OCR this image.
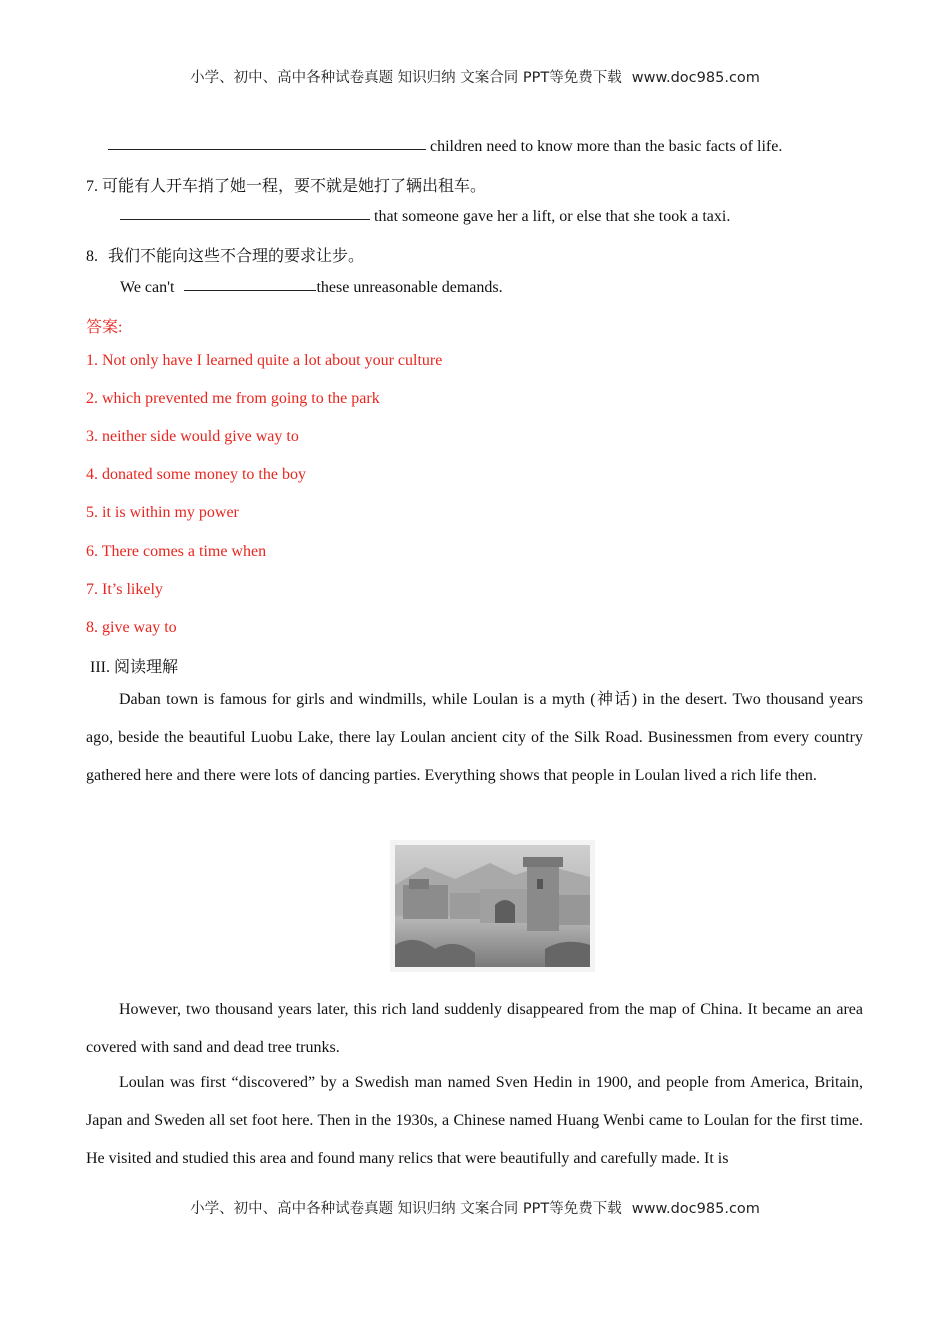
小学、初中、高中各种试卷真题 知识归纳 文案合同 PPT等免费下载 www.doc985.com
children need to know more than the basic facts of life.
7. 可能有人开车捎了她一程，要不就是她打了辆出租车。
that someone gave her a lift, or else that she took a taxi.
8. 我们不能向这些不合理的要求让步。
We can't	these unreasonable demands.
答案:
1. Not only have I learned quite a lot about your culture
2. which prevented me from going to the park
3. neither side would give way to
4. donated some money to the boy
5. it is within my power
6. There comes a time when
7. It’s likely
8. give way to
III. 阅读理解
Daban town is famous for girls and windmills, while Loulan is a myth (神话) in the desert. Two thousand years ago, beside the beautiful Luobu Lake, there lay Loulan ancient city of the Silk Road. Businessmen from every country gathered here and there were lots of dancing parties. Everything shows that people in Loulan lived a rich life then.
However, two thousand years later, this rich land suddenly disappeared from the map of China. It became an area covered with sand and dead tree trunks.
Loulan was first “discovered” by a Swedish man named Sven Hedin in 1900, and people from America, Britain, Japan and Sweden all set foot here. Then in the 1930s, a Chinese named Huang Wenbi came to Loulan for the first time. He visited and studied this area and found many relics that were beautifully and carefully made. It is
小学、初中、高中各种试卷真题 知识归纳 文案合同 PPT等免费下载 www.doc985.com
